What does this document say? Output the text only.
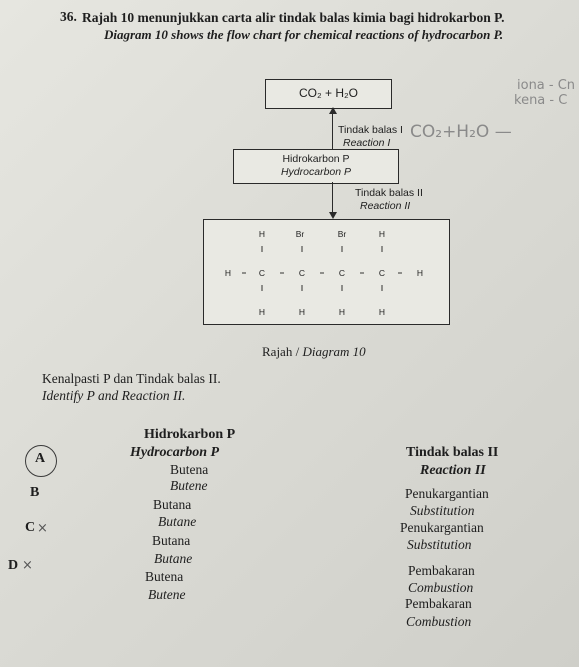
36. Rajah 10 menunjukkan carta alir tindak balas kimia bagi hidrokarbon P.
Diagram 10 shows the flow chart for chemical reactions of hydrocarbon P.
CO₂ + H₂O
Tindak balas I
Reaction I
Hidrokarbon P
Hydrocarbon P
Tindak balas II
Reaction II
H	Br	Br	H
H	C	C	C	C	H
H	H	H	H
Rajah / Diagram 10
iona - Cn
kena - C
CO₂+H₂O —
Kenalpasti P dan Tindak balas II.
Identify P and Reaction II.
Hidrokarbon P
Hydrocarbon P	Tindak balas II
Reaction II
A
Butena
Butene
Penukargantian
Substitution
B
Butana
Butane	Penukargantian
Substitution
C ×
Butana
Butane
Pembakaran
Combustion
D ×
Butena
Butene
Pembakaran
Combustion
